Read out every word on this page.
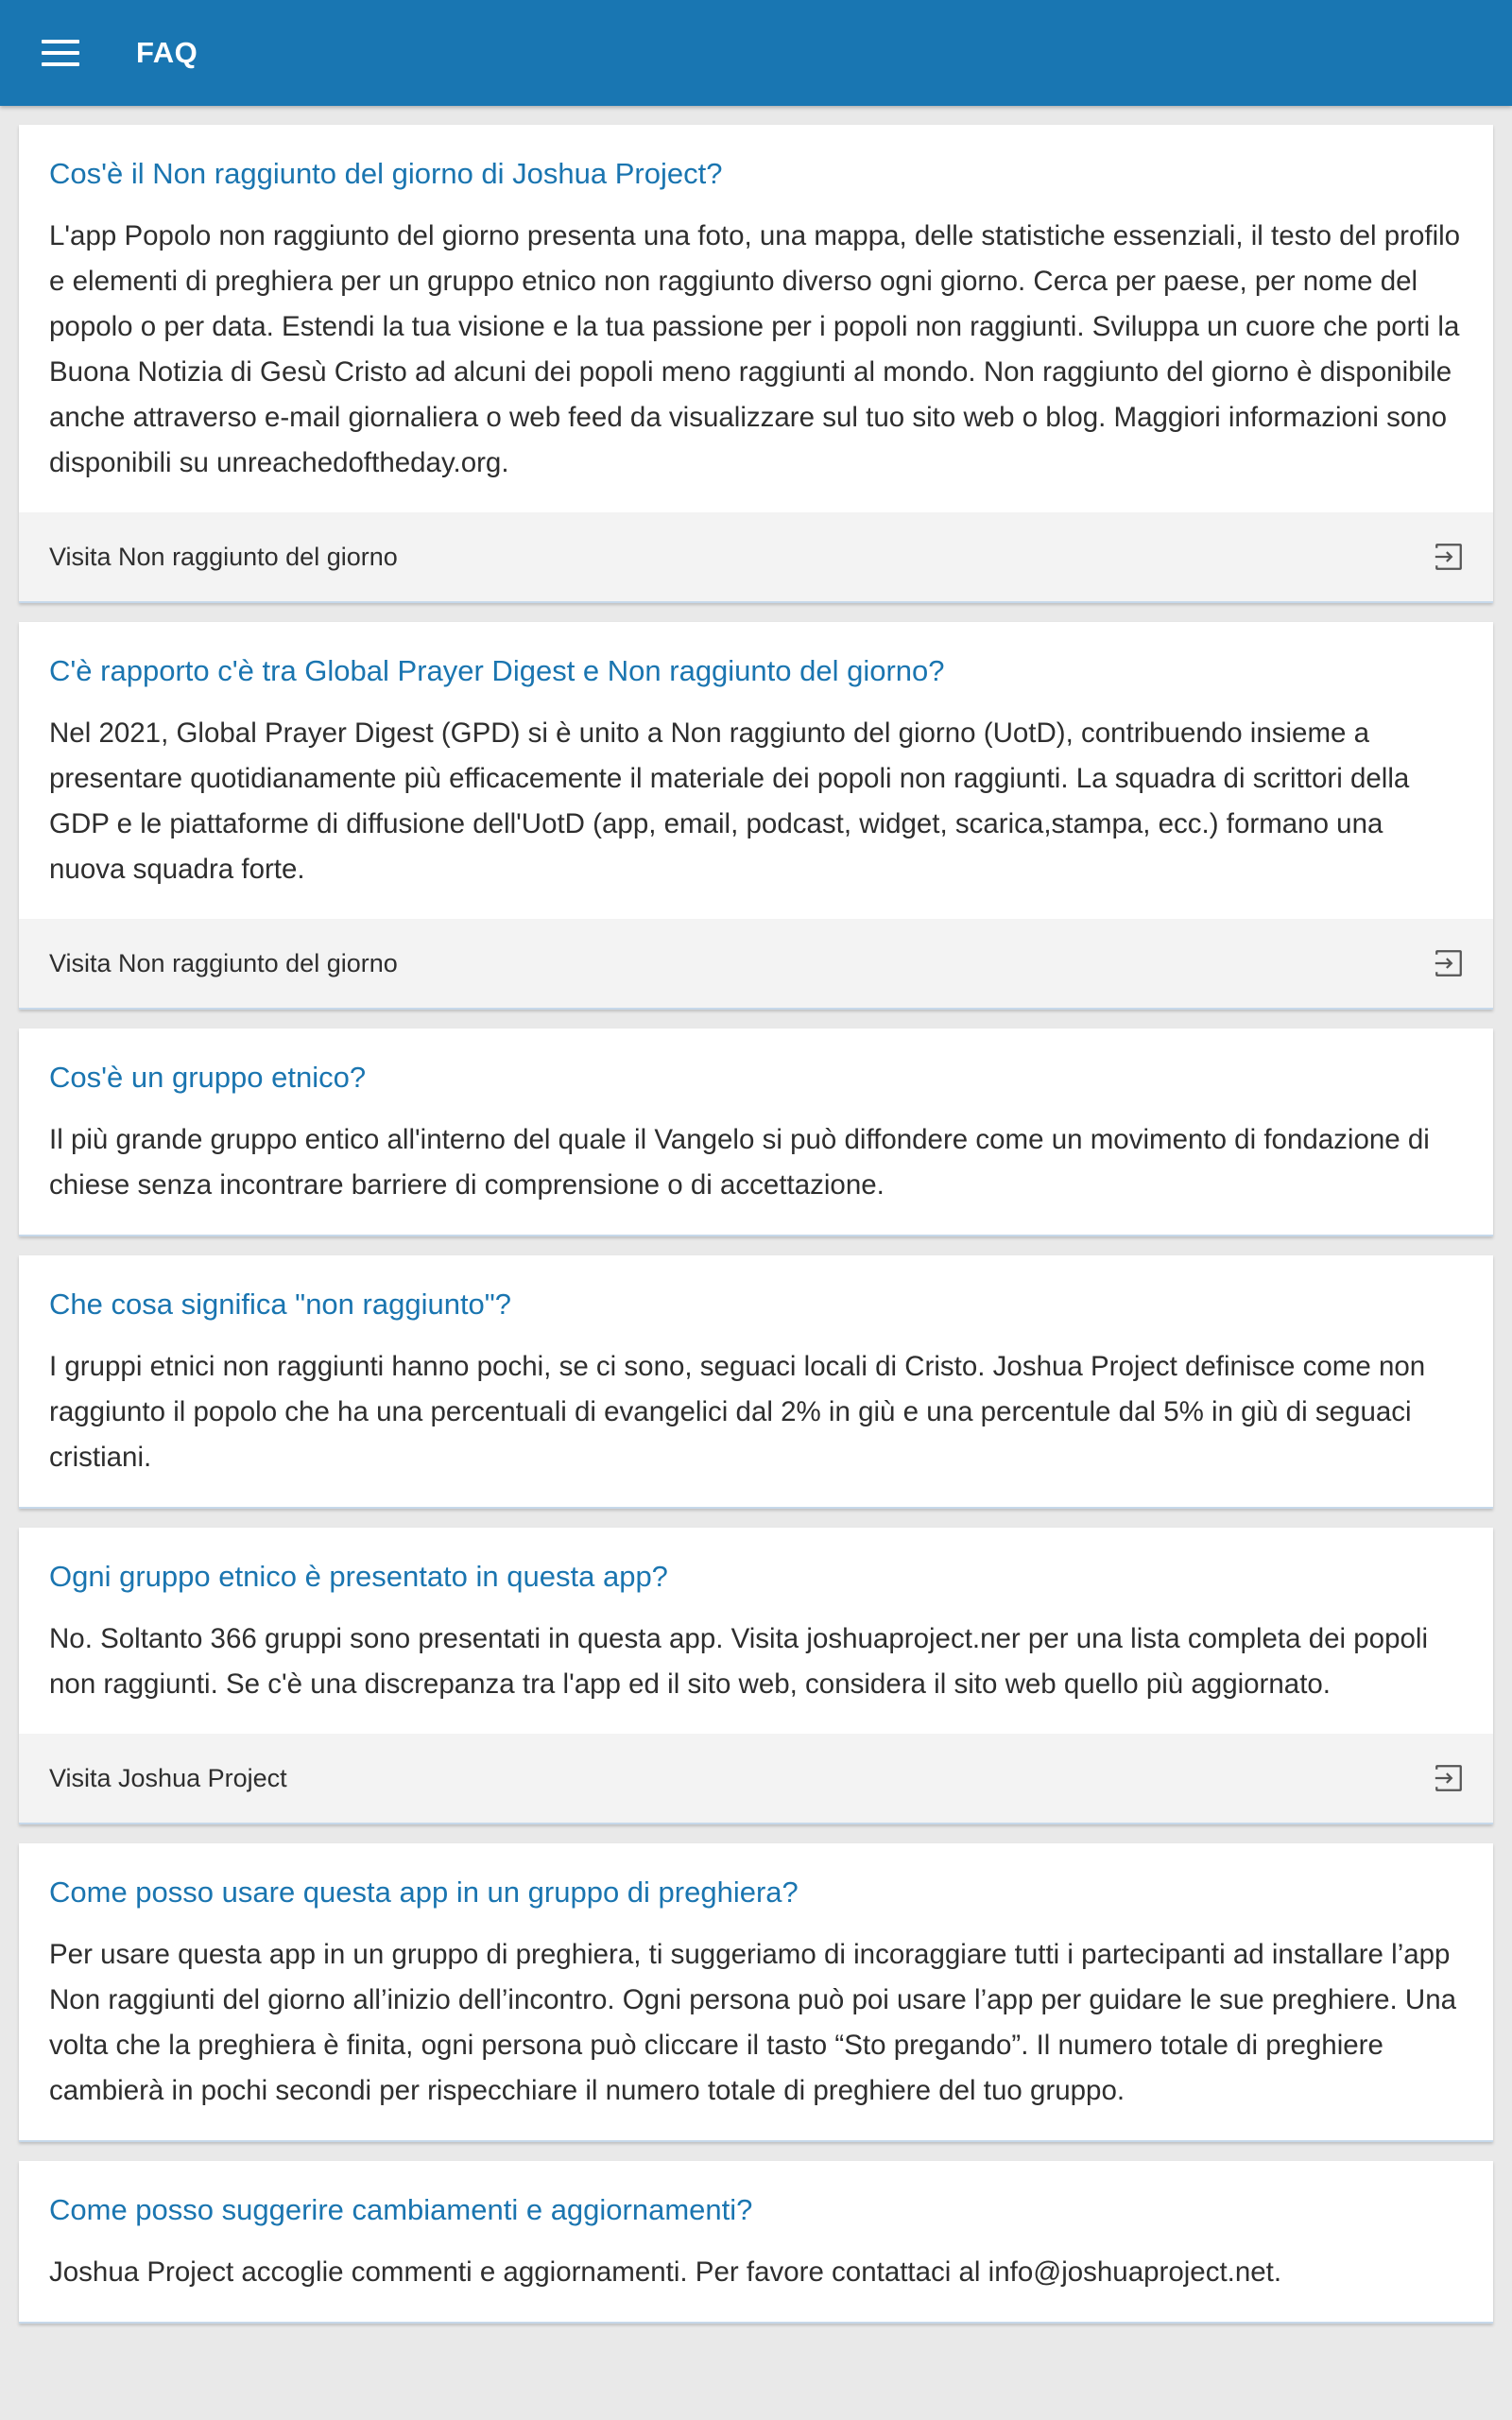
FAQ
Cos'è il Non raggiunto del giorno di Joshua Project?
L'app Popolo non raggiunto del giorno presenta una foto, una mappa, delle statistiche essenziali, il testo del profilo e elementi di preghiera per un gruppo etnico non raggiunto diverso ogni giorno. Cerca per paese, per nome del popolo o per data. Estendi la tua visione e la tua passione per i popoli non raggiunti. Sviluppa un cuore che porti la Buona Notizia di Gesù Cristo ad alcuni dei popoli meno raggiunti al mondo. Non raggiunto del giorno è disponibile anche attraverso e-mail giornaliera o web feed da visualizzare sul tuo sito web o blog. Maggiori informazioni sono disponibili su unreachedoftheday.org.
Visita Non raggiunto del giorno
C'è rapporto c'è tra Global Prayer Digest e Non raggiunto del giorno?
Nel 2021, Global Prayer Digest (GPD) si è unito a Non raggiunto del giorno (UotD), contribuendo insieme a presentare quotidianamente più efficacemente il materiale dei popoli non raggiunti. La squadra di scrittori della GDP e le piattaforme di diffusione dell'UotD (app, email, podcast, widget, scarica,stampa, ecc.) formano una nuova squadra forte.
Visita Non raggiunto del giorno
Cos'è un gruppo etnico?
Il più grande gruppo entico all'interno del quale il Vangelo si può diffondere come un movimento di fondazione di chiese senza incontrare barriere di comprensione o di accettazione.
Che cosa significa "non raggiunto"?
I gruppi etnici non raggiunti hanno pochi, se ci sono, seguaci locali di Cristo. Joshua Project definisce come non raggiunto il popolo che ha una percentuali di evangelici dal 2% in giù e una percentule dal 5% in giù di seguaci cristiani.
Ogni gruppo etnico è presentato in questa app?
No. Soltanto 366 gruppi sono presentati in questa app. Visita joshuaproject.ner per una lista completa dei popoli non raggiunti. Se c'è una discrepanza tra l'app ed il sito web, considera il sito web quello più aggiornato.
Visita Joshua Project
Come posso usare questa app in un gruppo di preghiera?
Per usare questa app in un gruppo di preghiera, ti suggeriamo di incoraggiare tutti i partecipanti ad installare l’app Non raggiunti del giorno all’inizio dell’incontro. Ogni persona può poi usare l’app per guidare le sue preghiere. Una volta che la preghiera è finita, ogni persona può cliccare il tasto “Sto pregando”. Il numero totale di preghiere cambierà in pochi secondi per rispecchiare il numero totale di preghiere del tuo gruppo.
Come posso suggerire cambiamenti e aggiornamenti?
Joshua Project accoglie commenti e aggiornamenti. Per favore contattaci al info@joshuaproject.net.
